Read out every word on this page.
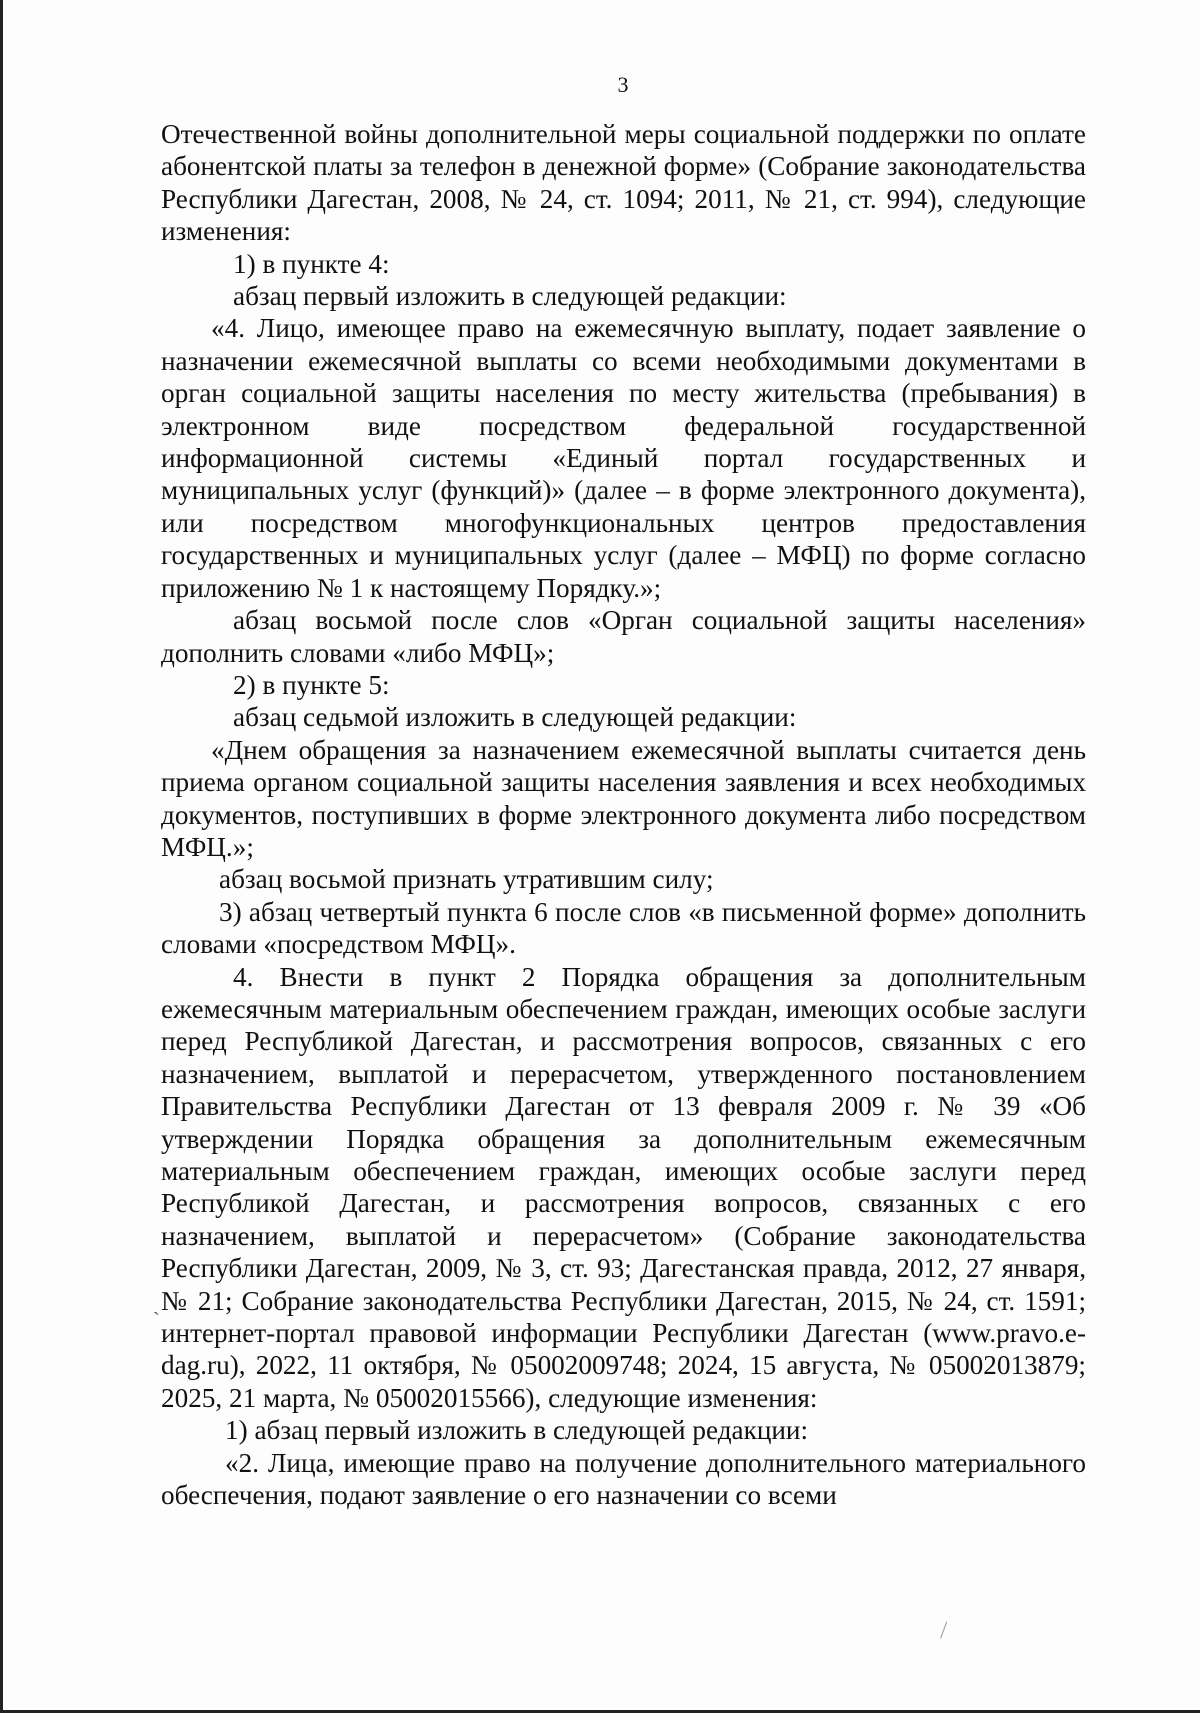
3

Отечественной войны дополнительной меры социальной поддержки по оплате абонентской платы за телефон в денежной форме» (Собрание законодательства Республики Дагестан, 2008, № 24, ст. 1094; 2011, № 21, ст. 994), следующие изменения:

1) в пункте 4:

абзац первый изложить в следующей редакции:

«4. Лицо, имеющее право на ежемесячную выплату, подает заявление о назначении ежемесячной выплаты со всеми необходимыми документами в орган социальной защиты населения по месту жительства (пребывания) в электронном виде посредством федеральной государственной информационной системы «Единый портал государственных и муниципальных услуг (функций)» (далее – в форме электронного документа), или посредством многофункциональных центров предоставления государственных и муниципальных услуг (далее – МФЦ) по форме согласно приложению № 1 к настоящему Порядку.»;

абзац восьмой после слов «Орган социальной защиты населения» дополнить словами «либо МФЦ»;

2) в пункте 5:

абзац седьмой изложить в следующей редакции:

«Днем обращения за назначением ежемесячной выплаты считается день приема органом социальной защиты населения заявления и всех необходимых документов, поступивших в форме электронного документа либо посредством МФЦ.»;

абзац восьмой признать утратившим силу;

3) абзац четвертый пункта 6 после слов «в письменной форме» дополнить словами «посредством МФЦ».

4. Внести в пункт 2 Порядка обращения за дополнительным ежемесячным материальным обеспечением граждан, имеющих особые заслуги перед Республикой Дагестан, и рассмотрения вопросов, связанных с его назначением, выплатой и перерасчетом, утвержденного постановлением Правительства Республики Дагестан от 13 февраля 2009 г. № 39 «Об утверждении Порядка обращения за дополнительным ежемесячным материальным обеспечением граждан, имеющих особые заслуги перед Республикой Дагестан, и рассмотрения вопросов, связанных с его назначением, выплатой и перерасчетом» (Собрание законодательства Республики Дагестан, 2009, № 3, ст. 93; Дагестанская правда, 2012, 27 января, № 21; Собрание законодательства Республики Дагестан, 2015, № 24, ст. 1591; интернет-портал правовой информации Республики Дагестан (www.pravo.e-dag.ru), 2022, 11 октября, № 05002009748; 2024, 15 августа, № 05002013879; 2025, 21 марта, № 05002015566), следующие изменения:

1) абзац первый изложить в следующей редакции:

«2. Лица, имеющие право на получение дополнительного материального обеспечения, подают заявление о его назначении со всеми

`
